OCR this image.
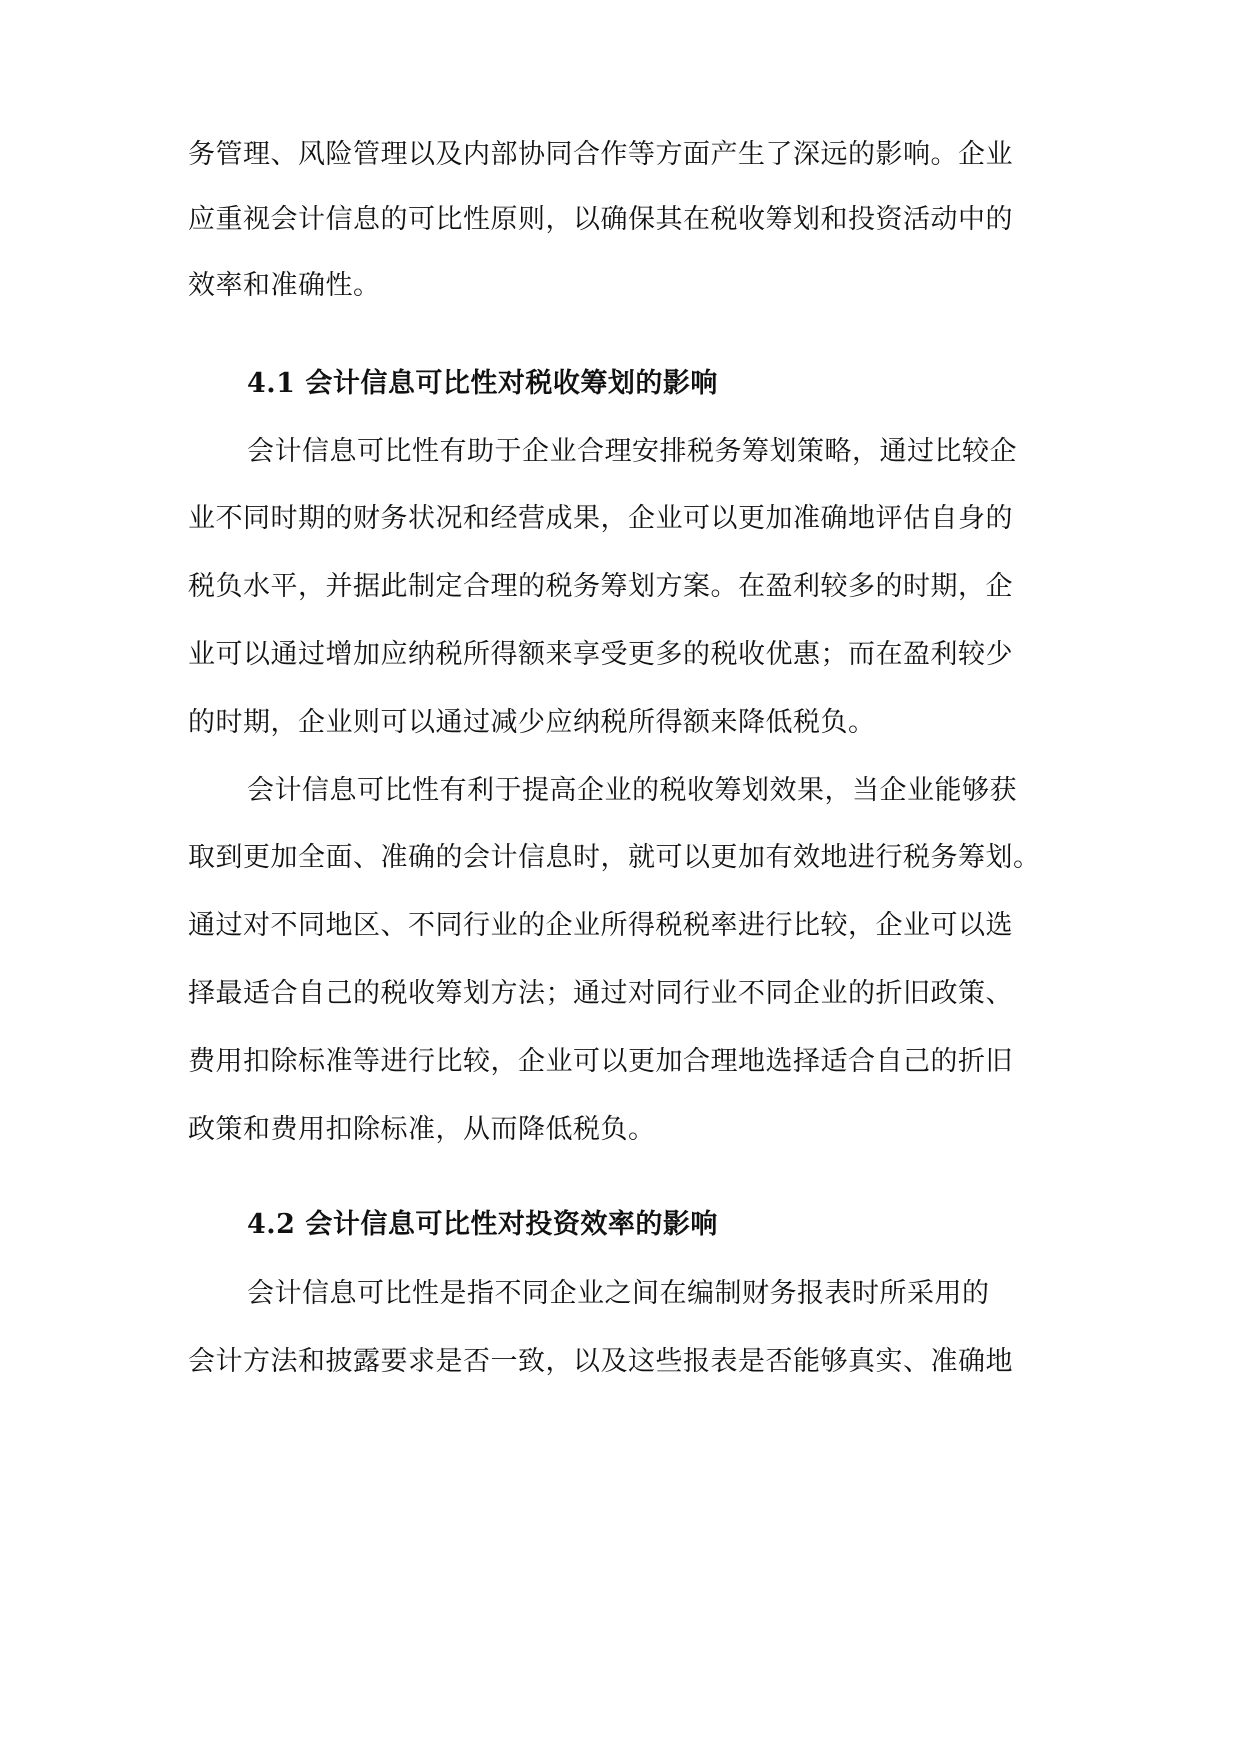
务管理、风险管理以及内部协同合作等方面产生了深远的影响。企业
应重视会计信息的可比性原则，以确保其在税收筹划和投资活动中的
效率和准确性。
4.1 会计信息可比性对税收筹划的影响
会计信息可比性有助于企业合理安排税务筹划策略，通过比较企
业不同时期的财务状况和经营成果，企业可以更加准确地评估自身的
税负水平，并据此制定合理的税务筹划方案。在盈利较多的时期，企
业可以通过增加应纳税所得额来享受更多的税收优惠；而在盈利较少
的时期，企业则可以通过减少应纳税所得额来降低税负。
会计信息可比性有利于提高企业的税收筹划效果，当企业能够获
取到更加全面、准确的会计信息时，就可以更加有效地进行税务筹划。
通过对不同地区、不同行业的企业所得税税率进行比较，企业可以选
择最适合自己的税收筹划方法；通过对同行业不同企业的折旧政策、
费用扣除标准等进行比较，企业可以更加合理地选择适合自己的折旧
政策和费用扣除标准，从而降低税负。
4.2 会计信息可比性对投资效率的影响
会计信息可比性是指不同企业之间在编制财务报表时所采用的
会计方法和披露要求是否一致，以及这些报表是否能够真实、准确地
